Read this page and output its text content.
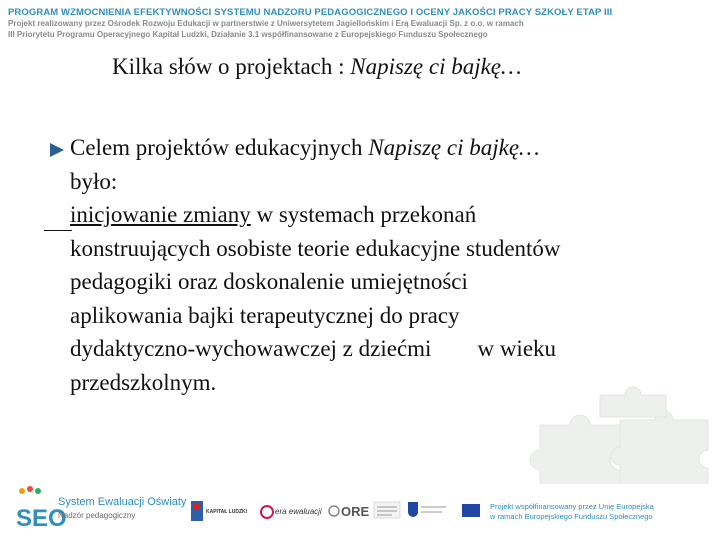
PROGRAM WZMOCNIENIA EFEKTYWNOŚCI SYSTEMU NADZORU PEDAGOGICZNEGO I OCENY JAKOŚCI PRACY SZKOŁY ETAP III
Projekt realizowany przez Ośrodek Rozwoju Edukacji w partnerstwie z Uniwersytetem Jagiellońskim i Erą Ewaluacji Sp. z o.o. w ramach
III Priorytetu Programu Operacyjnego Kapitał Ludzki, Działanie 3.1 współfinansowane z Europejskiego Funduszu Społecznego
Kilka słów o projektach : Napiszę ci bajkę…
Celem projektów edukacyjnych Napiszę ci bajkę…
było:
inicjowanie zmiany w systemach przekonań
konstruujących osobiste teorie edukacyjne studentów
pedagogiki oraz doskonalenie umiejętności
aplikowania bajki terapeutycznej do pracy
dydaktyczno-wychowawczej z dziećmi w wieku
przedszkolnym.
SEO
System Ewaluacji Oświaty
Nadzór pedagogiczny	KAPITAŁ LUDZKI	era ewaluacji ORE	Projekt współfinansowany przez Unię Europejską
w ramach Europejskiego Funduszu Społecznego
